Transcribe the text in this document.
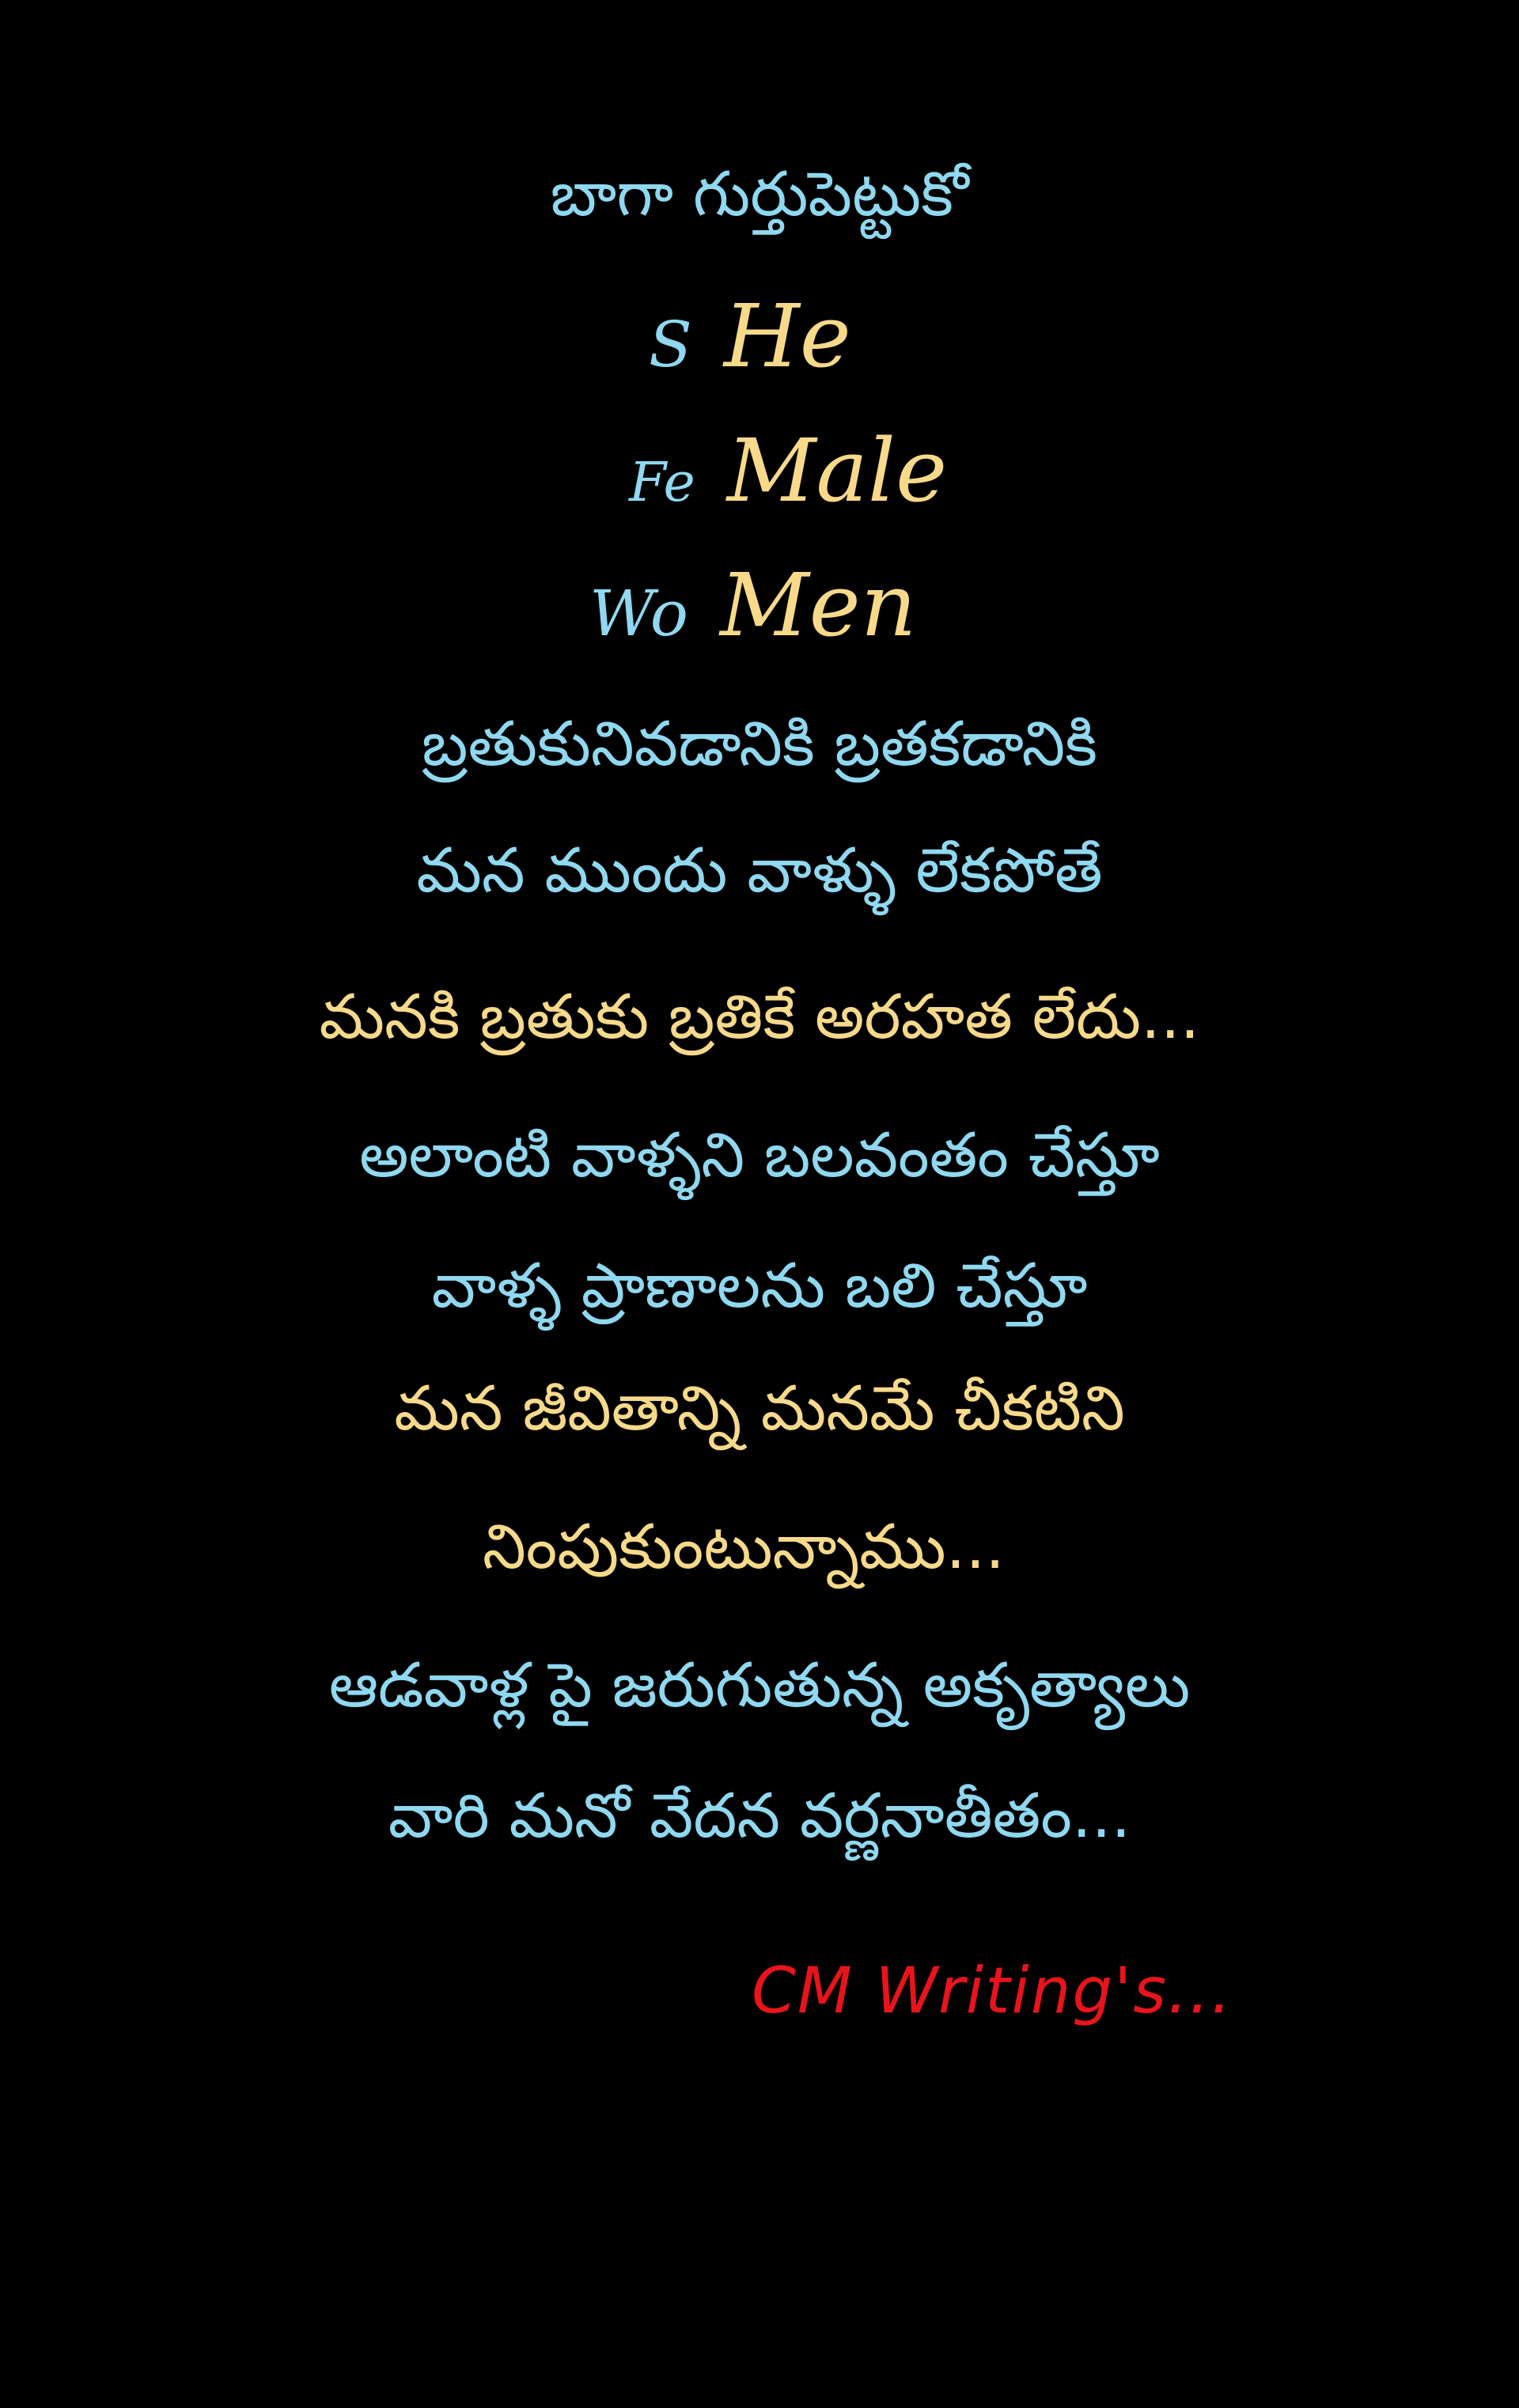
బాగా గుర్తుపెట్టుకో
S He
Fe Male
Wo Men
బ్రతుకునివడానికి బ్రతకడానికి
మన ముందు వాళ్ళు లేకపోతే
మనకి బ్రతుకు బ్రతికే అరహత లేదు...
అలాంటి వాళ్ళని బలవంతం చేస్తూ
వాళ్ళ ప్రాణాలను బలి చేస్తూ
మన జీవితాన్ని మనమే చీకటిని
నింపుకుంటున్నాము...
ఆడవాళ్ల పై జరుగుతున్న అకృత్యాలు
వారి మనో వేదన వర్ణనాతీతం...
CM Writing's...
